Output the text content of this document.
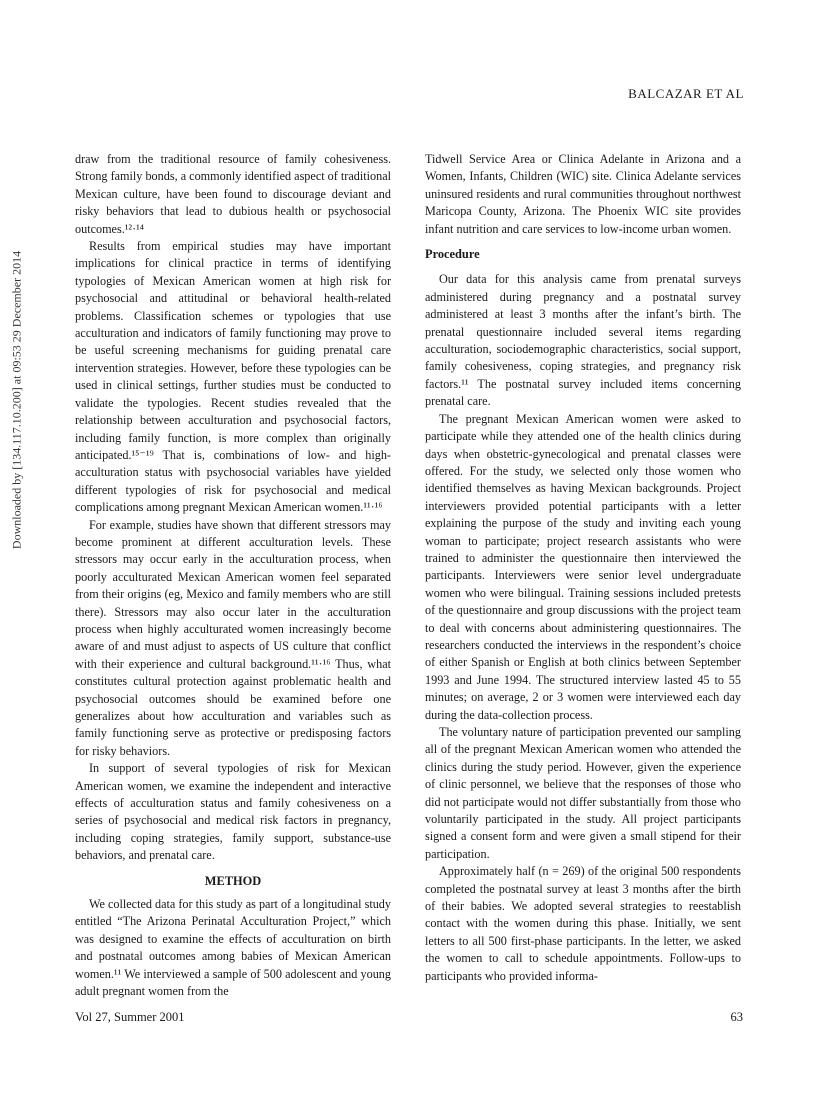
BALCAZAR ET AL
Downloaded by [134.117.10.200] at 09:53 29 December 2014

draw from the traditional resource of family cohesiveness. Strong family bonds, a commonly identified aspect of traditional Mexican culture, have been found to discourage deviant and risky behaviors that lead to dubious health or psychosocial outcomes.¹²·¹⁴

Results from empirical studies may have important implications for clinical practice in terms of identifying typologies of Mexican American women at high risk for psychosocial and attitudinal or behavioral health-related problems. Classification schemes or typologies that use acculturation and indicators of family functioning may prove to be useful screening mechanisms for guiding prenatal care intervention strategies. However, before these typologies can be used in clinical settings, further studies must be conducted to validate the typologies. Recent studies revealed that the relationship between acculturation and psychosocial factors, including family function, is more complex than originally anticipated.¹⁵⁻¹⁹ That is, combinations of low- and high-acculturation status with psychosocial variables have yielded different typologies of risk for psychosocial and medical complications among pregnant Mexican American women.¹¹·¹⁶

For example, studies have shown that different stressors may become prominent at different acculturation levels. These stressors may occur early in the acculturation process, when poorly acculturated Mexican American women feel separated from their origins (eg, Mexico and family members who are still there). Stressors may also occur later in the acculturation process when highly acculturated women increasingly become aware of and must adjust to aspects of US culture that conflict with their experience and cultural background.¹¹·¹⁶ Thus, what constitutes cultural protection against problematic health and psychosocial outcomes should be examined before one generalizes about how acculturation and variables such as family functioning serve as protective or predisposing factors for risky behaviors.

In support of several typologies of risk for Mexican American women, we examine the independent and interactive effects of acculturation status and family cohesiveness on a series of psychosocial and medical risk factors in pregnancy, including coping strategies, family support, substance-use behaviors, and prenatal care.

METHOD

We collected data for this study as part of a longitudinal study entitled “The Arizona Perinatal Acculturation Project,” which was designed to examine the effects of acculturation on birth and postnatal outcomes among babies of Mexican American women.¹¹ We interviewed a sample of 500 adolescent and young adult pregnant women from the

Tidwell Service Area or Clinica Adelante in Arizona and a Women, Infants, Children (WIC) site. Clinica Adelante services uninsured residents and rural communities throughout northwest Maricopa County, Arizona. The Phoenix WIC site provides infant nutrition and care services to low-income urban women.

Procedure

Our data for this analysis came from prenatal surveys administered during pregnancy and a postnatal survey administered at least 3 months after the infant’s birth. The prenatal questionnaire included several items regarding acculturation, sociodemographic characteristics, social support, family cohesiveness, coping strategies, and pregnancy risk factors.¹¹ The postnatal survey included items concerning prenatal care.

The pregnant Mexican American women were asked to participate while they attended one of the health clinics during days when obstetric-gynecological and prenatal classes were offered. For the study, we selected only those women who identified themselves as having Mexican backgrounds. Project interviewers provided potential participants with a letter explaining the purpose of the study and inviting each young woman to participate; project research assistants who were trained to administer the questionnaire then interviewed the participants. Interviewers were senior level undergraduate women who were bilingual. Training sessions included pretests of the questionnaire and group discussions with the project team to deal with concerns about administering questionnaires. The researchers conducted the interviews in the respondent’s choice of either Spanish or English at both clinics between September 1993 and June 1994. The structured interview lasted 45 to 55 minutes; on average, 2 or 3 women were interviewed each day during the data-collection process.

The voluntary nature of participation prevented our sampling all of the pregnant Mexican American women who attended the clinics during the study period. However, given the experience of clinic personnel, we believe that the responses of those who did not participate would not differ substantially from those who voluntarily participated in the study. All project participants signed a consent form and were given a small stipend for their participation.

Approximately half (n = 269) of the original 500 respondents completed the postnatal survey at least 3 months after the birth of their babies. We adopted several strategies to reestablish contact with the women during this phase. Initially, we sent letters to all 500 first-phase participants. In the letter, we asked the women to call to schedule appointments. Follow-ups to participants who provided informa-

Vol 27, Summer 2001	63
